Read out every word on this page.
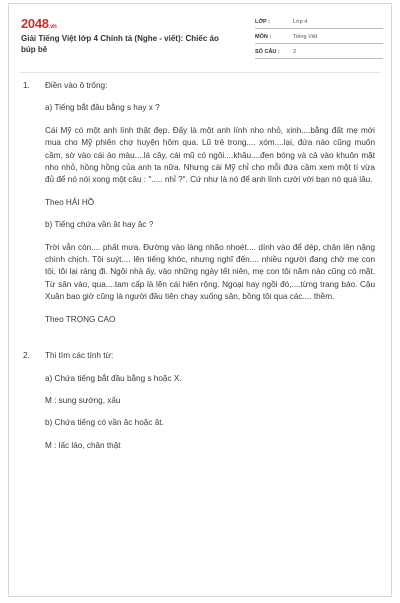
2048.vn
Giải Tiếng Việt lớp 4 Chính tả (Nghe - viết): Chiếc áo búp bê
LỚP :	Lớp 4
MÔN :	Tiếng Việt
SỐ CÂU : 2
1. Điền vào ô trống:

a) Tiếng bắt đầu bằng s hay x ?

Cái Mỹ có một anh lính thật đẹp. Đấy là một anh lính nho nhỏ, xinh....bằng đất mẹ mới mua cho Mỹ phiên chợ huyện hôm qua. Lũ trẻ trong.... xóm....lại, đứa nào cũng muốn cầm, sờ vào cái áo màu....lá cây, cái mũ có ngôi....khâu....đen bóng và cả vào khuôn mặt nho nhỏ, hồng hồng của anh ta nữa. Nhưng cái Mỹ chỉ cho mỗi đứa cầm xem một tí vừa đủ để nó nói xong một câu : "..... nhỉ ?". Cứ như là nó để anh lính cười với bạn nó quá lâu.

Theo HẢI HỒ

b) Tiếng chứa vần ât hay âc ?

Trời vẫn còn.... phất mưa. Đường vào làng nhão nhoét.... dính vào để dép, chân lên nặng chình chịch. Tôi suýt.... lên tiếng khóc, nhưng nghĩ đến.... nhiều người đang chờ mẹ con tôi, tôi lại ráng đi. Ngôi nhà ấy, vào những ngày tết niên, mẹ con tôi năm nào cũng có mặt. Từ sân vào, qua....tam cấp là lên cái hiên rộng. Ngoại hay ngồi đó,....từng trang báo. Cậu Xuân bao giờ cũng là người đầu tiên chạy xuống sân, bồng tôi qua các.... thềm.

Theo TRỌNG CAO

2. Thi tìm các tính từ:

a) Chứa tiếng bắt đầu bằng s hoặc X.

M : sung sướng, xấu

b) Chứa tiếng có vần âc hoặc ât.

M : lấc láo, chân thật
